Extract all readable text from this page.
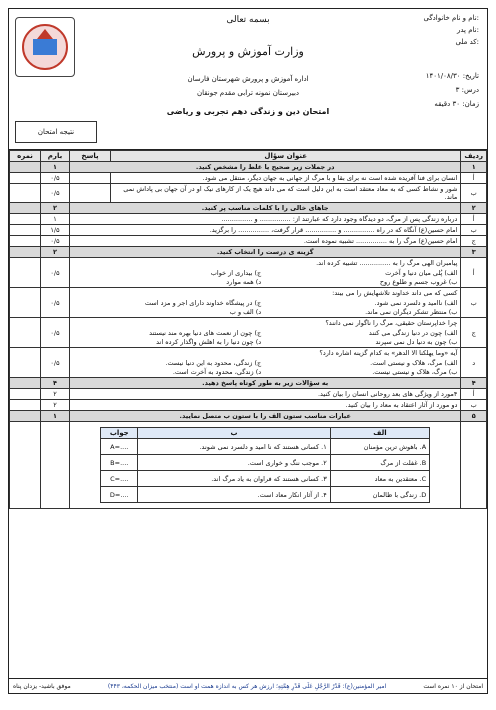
نام و نام خانوادگی:
نام پدر:
کد ملی:
تاریخ: ۱۴۰۱/۰۸/۳۰
درس: ۳
زمان: ۳۰ دقیقه
بسمه تعالی
وزارت آموزش و پرورش
اداره آموزش و پرورش شهرستان فارسان
دبیرستان نمونه ترابی مقدم جونقان
امتحان دین و زندگی دهم تجربی و ریاضی
نتیجه امتحان
ردیف	عنوان سؤال	پاسخ	بارم	نمره
۱	در جملات زیر صحیح یا غلط را مشخص کنید.	۱	
أ	انسان برای فنا آفریده شده است نه برای بقا و با مرگ از جهانی به جهان دیگر، منتقل می شود.		۰/۵	
ب	شور و نشاط کسی که به معاد معتقد است به این دلیل است که می داند هیچ یک از کارهای نیک او در آن جهان بی پاداش نمی ماند.		۰/۵	
۲	جاهای خالی را با کلمات مناسب پر کنید.	۲	
أ	درباره زندگی پس از مرگ، دو دیدگاه وجود دارد که عبارتند از: ............... و ...............	۱	
ب	امام حسین(ع) آنگاه که در راه ............... و ............... قرار گرفت، ............... را برگزید.	۱/۵	
ج	امام حسین(ع) مرگ را به ............... تشبیه نموده است.	۰/۵	
۳	گزینه ی درست را انتخاب کنید.	۲	
أ	
پیامبران الهی مرگ را به ............... تشبیه کرده اند.
الف) پُلی میان دنیا و آخرت
ج) بیداری از خواب
ب) غروب جسم و طلوع روح
د) همه موارد
	۰/۵	
ب	
کسی که می داند خداوند تلاشهایش را می بیند:
الف) ناامید و دلسرد نمی شود.
ج) در پیشگاه خداوند دارای اجر و مزد است
ب) منتظر تشکر دیگران نمی ماند.
د) الف و ب
	۰/۵	
ج	
چرا خداپرستان حقیقی، مرگ را ناگوار نمی دانند؟
الف) چون در دنیا زندگی می کنند
ج) چون از نعمت های دنیا بهره مند نیستند
ب) چون به دنیا دل نمی سپرند
د) چون دنیا را به اهلش واگذار کرده اند
	۰/۵	
د	
آیه «وما یهلکنا الا الدهر» به کدام گزینه اشاره دارد؟
الف) مرگ، هلاک و نیستی است.
ج) زندگی، محدود به این دنیا نیست.
ب) مرگ، هلاک و نیستی نیست.
د) زندگی، محدود به آخرت است.
	۰/۵	
۴	به سؤالات زیر به طور کوتاه پاسخ دهید.	۴	
أ	۴مورد از ویژگی های بعد روحانی انسان را بیان کنید.	۲	
ب	دو مورد از آثار اعتقاد به معاد را بیان کنید.	۲	
۵	عبارات مناسب ستون الف را با ستون ب متصل نمایید.	۱	

الف	ب	جواب
A. باهوش ترین مؤمنان	۱. کسانی هستند که نا امید و دلسرد نمی شوند.	A=....
B. غفلت از مرگ	۲. موجب ننگ و خواری است.	B=....
C. معتقدین به معاد	۳. کسانی هستند که فراوان به یاد مرگ اند.	C=....
D. زندگی با ظالمان	۴. از آثار انکار معاد است.	D=....

امتحان از ۱۰ نمره است
امیر المؤمنین(ع): قَدْرُ الرَّجُلِ عَلَی قَدْرِ هِمَّتِهِ؛ ارزش هر کس به اندازه همت او است (منتخب میزان الحکمه، ۴۴۳)
موفق باشید- یزدان پناه
